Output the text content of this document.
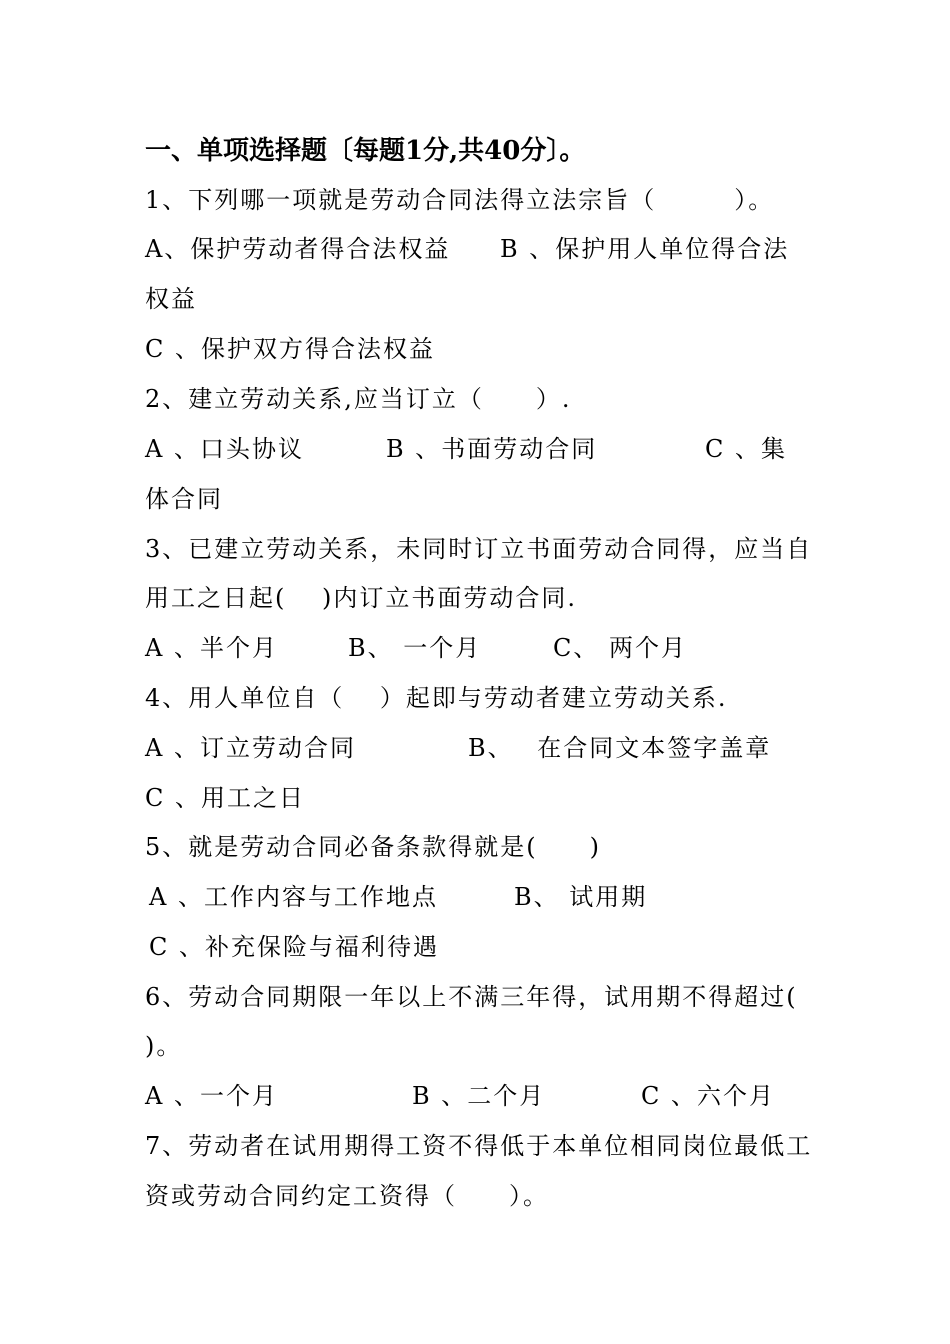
一、单项选择题〔每题1分,共40分〕。
1、下列哪一项就是劳动合同法得立法宗旨（　　　）。
A、保护劳动者得合法权益 B 、保护用人单位得合法
权益
C 、保护双方得合法权益
2、建立劳动关系,应当订立（　　）.
A 、口头协议	B 、书面劳动合同	C 、集
体合同
3、已建立劳动关系，未同时订立书面劳动合同得，应当自
用工之日起(　 )内订立书面劳动合同.
A 、半个月	B、 一个月	C、 两个月
4、用人单位自（　 ）起即与劳动者建立劳动关系.
A 、订立劳动合同	B、　 在合同文本签字盖章
C 、用工之日
5、就是劳动合同必备条款得就是(　　)
A 、工作内容与工作地点	B、 试用期
C 、补充保险与福利待遇
6、劳动合同期限一年以上不满三年得，试用期不得超过(
)。
A 、一个月	B 、二个月	C 、六个月
7、劳动者在试用期得工资不得低于本单位相同岗位最低工
资或劳动合同约定工资得（　　）。
